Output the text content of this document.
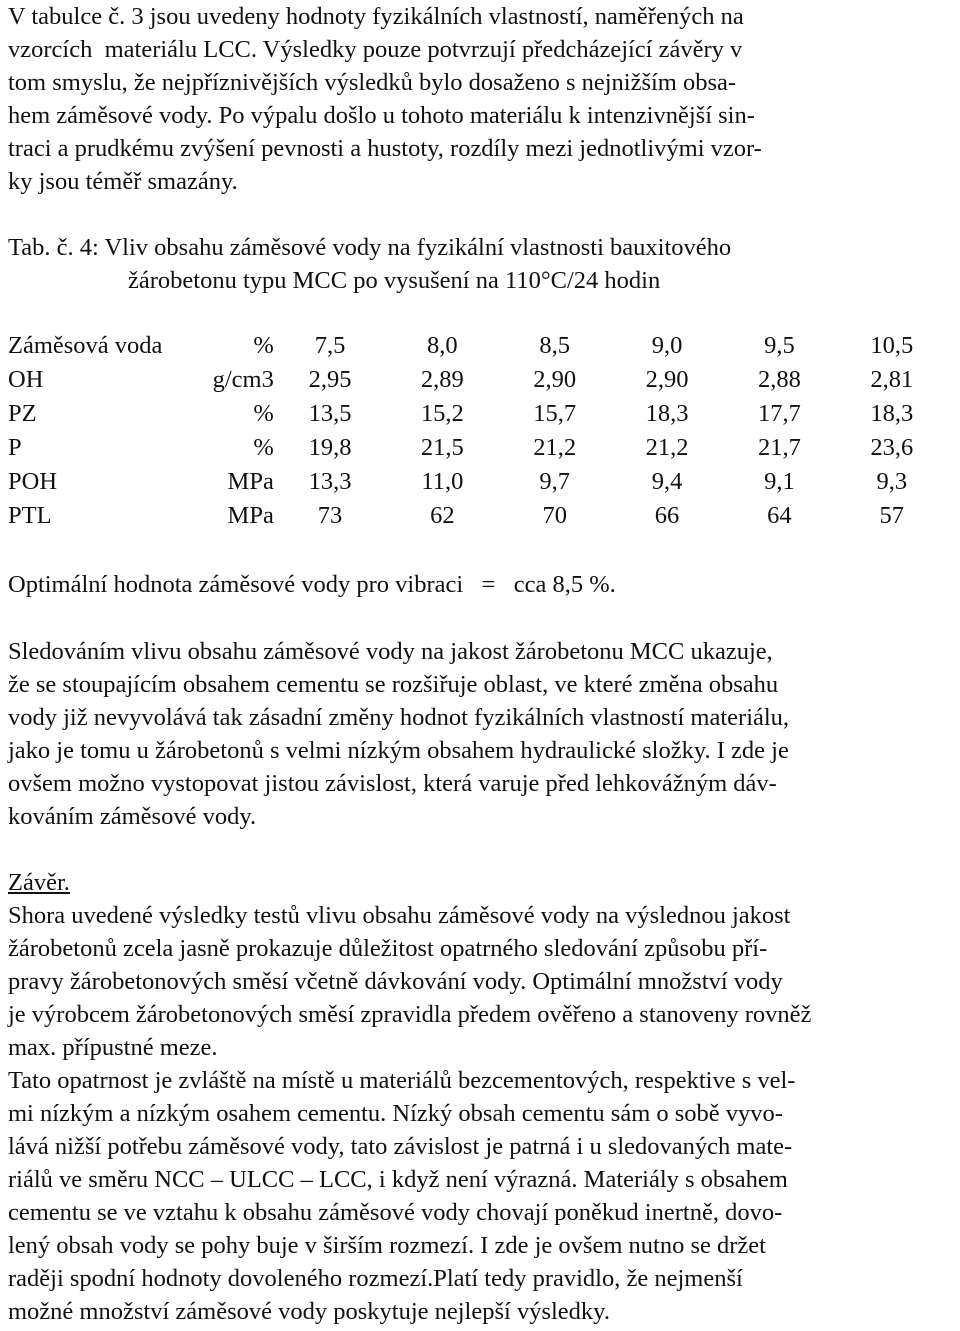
V tabulce č. 3 jsou uvedeny hodnoty fyzikálních vlastností, naměřených na
vzorcích  materiálu LCC. Výsledky pouze potvrzují předcházející závěry v
tom smyslu, že nejpříznivějších výsledků bylo dosaženo s nejnižším obsa-
hem záměsové vody. Po výpalu došlo u tohoto materiálu k intenzivnější sin-
traci a prudkému zvýšení pevnosti a hustoty, rozdíly mezi jednotlivými vzor-
ky jsou téměř smazány.
Tab. č. 4: Vliv obsahu záměsové vody na fyzikální vlastnosti bauxitového
žárobetonu typu MCC po vysušení na 110°C/24 hodin
Záměsová voda	%	7,5	8,0	8,5	9,0	9,5	10,5
OH	g/cm3	2,95	2,89	2,90	2,90	2,88	2,81
PZ	%	13,5	15,2	15,7	18,3	17,7	18,3
P	%	19,8	21,5	21,2	21,2	21,7	23,6
POH	MPa	13,3	11,0	9,7	9,4	9,1	9,3
PTL	MPa	73	62	70	66	64	57
Optimální hodnota záměsové vody pro vibraci   =   cca 8,5 %.
Sledováním vlivu obsahu záměsové vody na jakost žárobetonu MCC ukazuje,
že se stoupajícím obsahem cementu se rozšiřuje oblast, ve které změna obsahu
vody již nevyvolává tak zásadní změny hodnot fyzikálních vlastností materiálu,
jako je tomu u žárobetonů s velmi nízkým obsahem hydraulické složky. I zde je
ovšem možno vystopovat jistou závislost, která varuje před lehkovážným dáv-
kováním záměsové vody.
Závěr.
Shora uvedené výsledky testů vlivu obsahu záměsové vody na výslednou jakost
žárobetonů zcela jasně prokazuje důležitost opatrného sledování způsobu pří-
pravy žárobetonových směsí včetně dávkování vody. Optimální množství vody
je výrobcem žárobetonových směsí zpravidla předem ověřeno a stanoveny rovněž
max. přípustné meze.
Tato opatrnost je zvláště na místě u materiálů bezcementových, respektive s vel-
mi nízkým a nízkým osahem cementu. Nízký obsah cementu sám o sobě vyvo-
lává nižší potřebu záměsové vody, tato závislost je patrná i u sledovaných mate-
riálů ve směru NCC – ULCC – LCC, i když není výrazná. Materiály s obsahem
cementu se ve vztahu k obsahu záměsové vody chovají poněkud inertně, dovo-
lený obsah vody se pohy buje v širším rozmezí. I zde je ovšem nutno se držet
raději spodní hodnoty dovoleného rozmezí.Platí tedy pravidlo, že nejmenší
možné množství záměsové vody poskytuje nejlepší výsledky.
